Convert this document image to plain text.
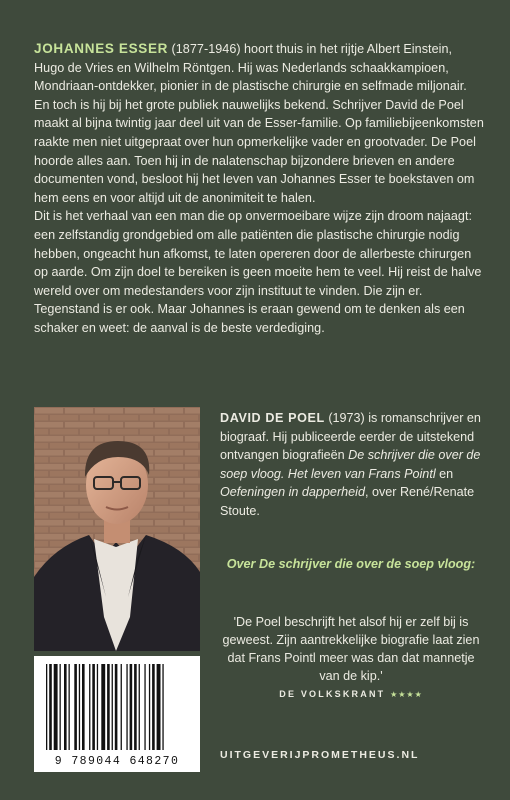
JOHANNES ESSER (1877-1946) hoort thuis in het rijtje Albert Einstein, Hugo de Vries en Wilhelm Röntgen. Hij was Nederlands schaakkampioen, Mondriaan-ontdekker, pionier in de plastische chirurgie en selfmade miljonair. En toch is hij bij het grote publiek nauwelijks bekend. Schrijver David de Poel maakt al bijna twintig jaar deel uit van de Esser-familie. Op familiebijeenkomsten raakte men niet uitgepraat over hun opmerkelijke vader en grootvader. De Poel hoorde alles aan. Toen hij in de nalatenschap bijzondere brieven en andere documenten vond, besloot hij het leven van Johannes Esser te boekstaven om hem eens en voor altijd uit de anonimiteit te halen.

Dit is het verhaal van een man die op onvermoeibare wijze zijn droom najaagt: een zelfstandig grondgebied om alle patiënten die plastische chirurgie nodig hebben, ongeacht hun afkomst, te laten opereren door de allerbeste chirurgen op aarde. Om zijn doel te bereiken is geen moeite hem te veel. Hij reist de halve wereld over om medestanders voor zijn instituut te vinden. Die zijn er. Tegenstand is er ook. Maar Johannes is eraan gewend om te denken als een schaker en weet: de aanval is de beste verdediging.

DAVID DE POEL (1973) is romanschrijver en biograaf. Hij publiceerde eerder de uitstekend ontvangen biografieën De schrijver die over de soep vloog. Het leven van Frans Pointl en Oefeningen in dapperheid, over René/Renate Stoute.
Over De schrijver die over de soep vloog:
'De Poel beschrijft het alsof hij er zelf bij is geweest. Zijn aantrekkelijke biografie laat zien dat Frans Pointl meer was dan dat mannetje van de kip.'
DE VOLKSKRANT ★★★★
9 789044 648270	UITGEVERIJPROMETHEUS.NL
